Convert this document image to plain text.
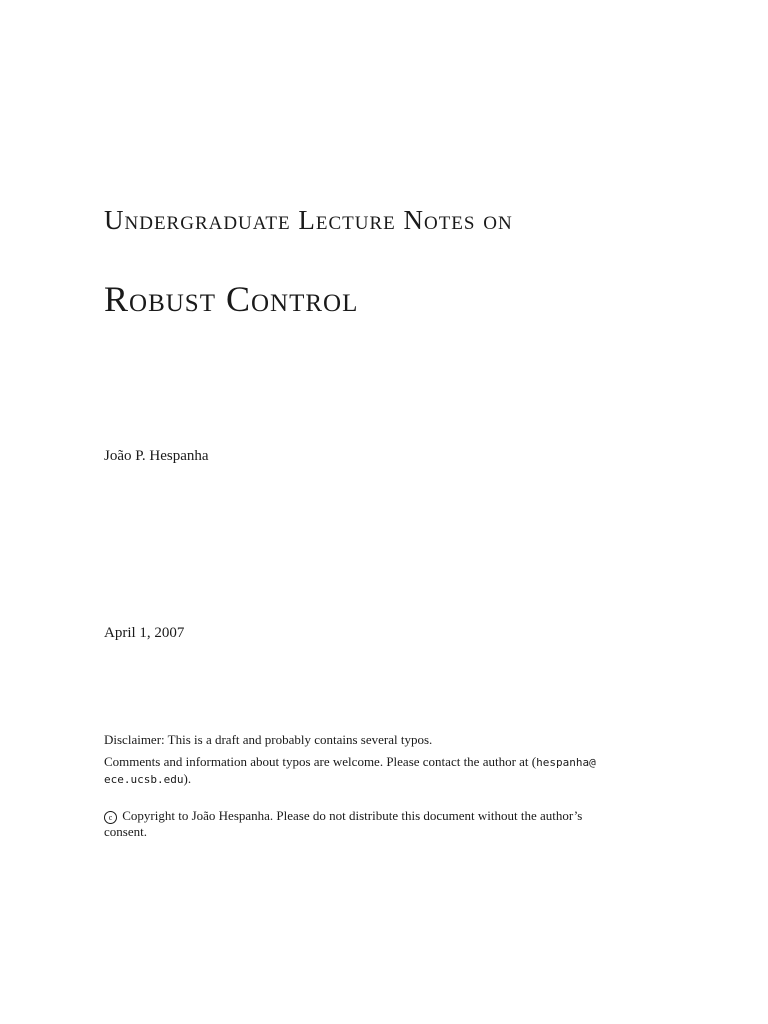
Undergraduate Lecture Notes on
Robust Control
João P. Hespanha
April 1, 2007

Disclaimer: This is a draft and probably contains several typos.

Comments and information about typos are welcome. Please contact the author at (hespanha@
ece.ucsb.edu).

c Copyright to João Hespanha. Please do not distribute this document without the author’s consent.
